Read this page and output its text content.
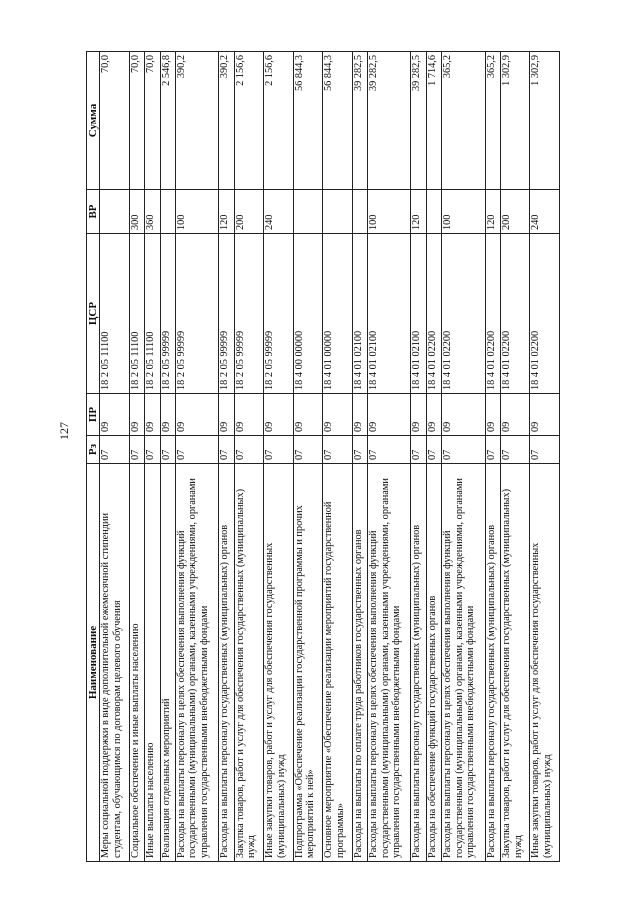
127
Наименование	Рз	ПР	ЦСР	ВР	Сумма
Меры социальной поддержки в виде дополнительной ежемесячной стипендии студентам, обучающимся по договорам целевого обучения	07	09	18 2 05 11100		70,0
Социальное обеспечение и иные выплаты населению	07	09	18 2 05 11100	300	70,0
Иные выплаты населению	07	09	18 2 05 11100	360	70,0
Реализация отдельных мероприятий	07	09	18 2 05 99999		2 546,8
Расходы на выплаты персоналу в целях обеспечения выполнения функций государственными (муниципальными) органами, казенными учреждениями, органами управления государственными внебюджетными фондами	07	09	18 2 05 99999	100	390,2
Расходы на выплаты персоналу государственных (муниципальных) органов	07	09	18 2 05 99999	120	390,2
Закупка товаров, работ и услуг для обеспечения государственных (муниципальных) нужд	07	09	18 2 05 99999	200	2 156,6
Иные закупки товаров, работ и услуг для обеспечения государственных (муниципальных) нужд	07	09	18 2 05 99999	240	2 156,6
Подпрограмма «Обеспечение реализации государственной программы и прочих мероприятий к ней»	07	09	18 4 00 00000		56 844,3
Основное мероприятие «Обеспечение реализации мероприятий государственной программы»	07	09	18 4 01 00000		56 844,3
Расходы на выплаты по оплате труда работников государственных органов	07	09	18 4 01 02100		39 282,5
Расходы на выплаты персоналу в целях обеспечения выполнения функций государственными (муниципальными) органами, казенными учреждениями, органами управления государственными внебюджетными фондами	07	09	18 4 01 02100	100	39 282,5
Расходы на выплаты персоналу государственных (муниципальных) органов	07	09	18 4 01 02100	120	39 282,5
Расходы на обеспечение функций государственных органов	07	09	18 4 01 02200		1 714,6
Расходы на выплаты персоналу в целях обеспечения выполнения функций государственными (муниципальными) органами, казенными учреждениями, органами управления государственными внебюджетными фондами	07	09	18 4 01 02200	100	365,2
Расходы на выплаты персоналу государственных (муниципальных) органов	07	09	18 4 01 02200	120	365,2
Закупка товаров, работ и услуг для обеспечения государственных (муниципальных) нужд	07	09	18 4 01 02200	200	1 302,9
Иные закупки товаров, работ и услуг для обеспечения государственных (муниципальных) нужд	07	09	18 4 01 02200	240	1 302,9
